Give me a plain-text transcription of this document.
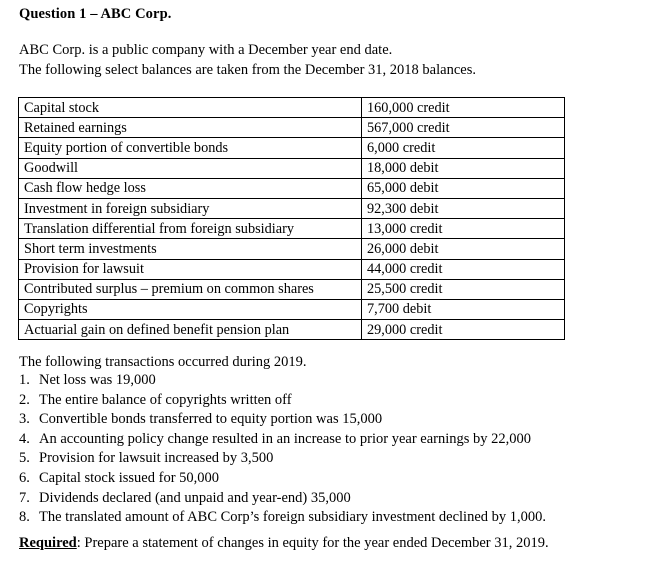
Question 1 – ABC Corp.
ABC Corp. is a public company with a December year end date.
The following select balances are taken from the December 31, 2018 balances.
Capital stock	160,000 credit
Retained earnings	567,000 credit
Equity portion of convertible bonds	6,000 credit
Goodwill	18,000 debit
Cash flow hedge loss	65,000 debit
Investment in foreign subsidiary	92,300 debit
Translation differential from foreign subsidiary	13,000 credit
Short term investments	26,000 debit
Provision for lawsuit	44,000 credit
Contributed surplus – premium on common shares	25,500 credit
Copyrights	7,700 debit
Actuarial gain on defined benefit pension plan	29,000 credit
The following transactions occurred during 2019.
1. Net loss was 19,000
2. The entire balance of copyrights written off
3. Convertible bonds transferred to equity portion was 15,000
4. An accounting policy change resulted in an increase to prior year earnings by 22,000
5. Provision for lawsuit increased by 3,500
6. Capital stock issued for 50,000
7. Dividends declared (and unpaid and year-end) 35,000
8. The translated amount of ABC Corp’s foreign subsidiary investment declined by 1,000.
Required: Prepare a statement of changes in equity for the year ended December 31, 2019.
